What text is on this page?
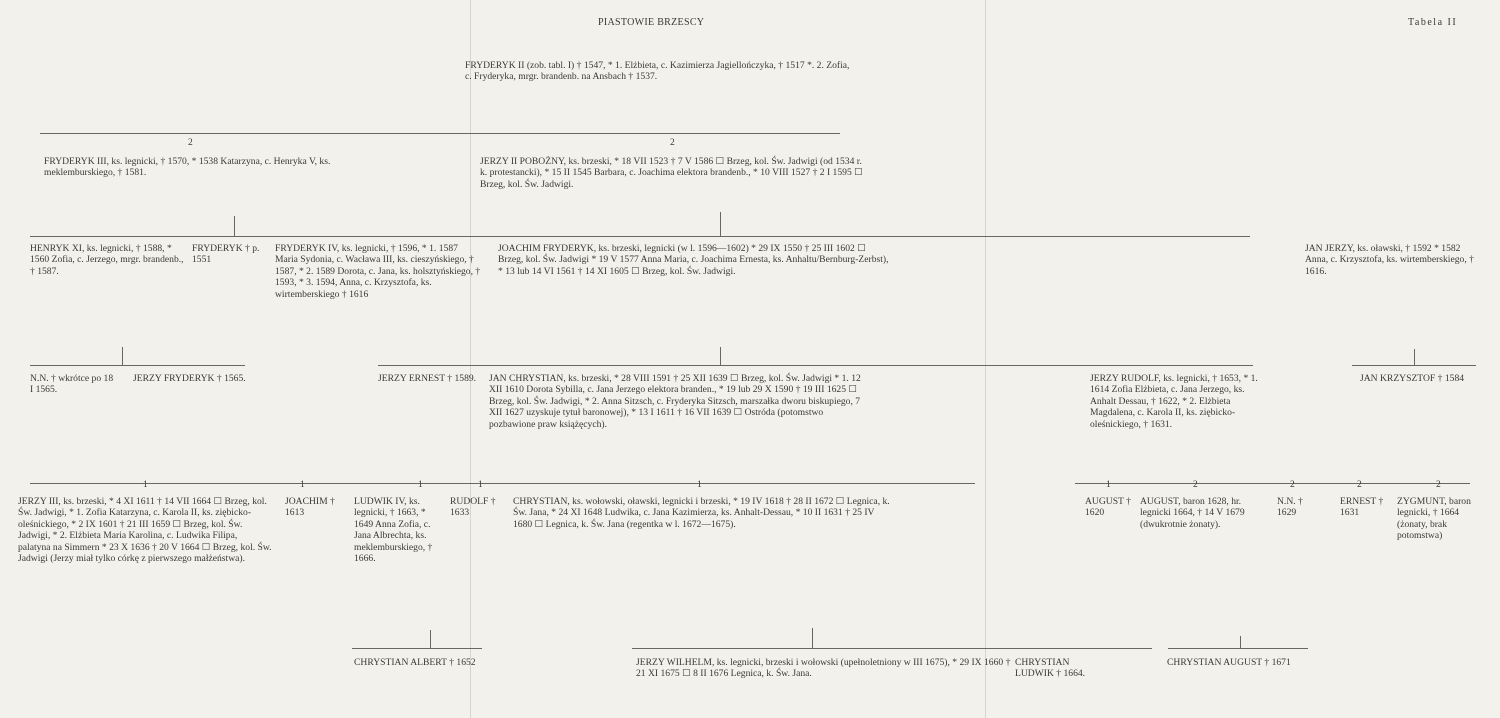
PIASTOWIE BRZESCY	Tabela II

FRYDERYK II (zob. tabl. I) † 1547, * 1. Elżbieta, c. Kazimierza Jagiellończyka, † 1517 *. 2. Zofia, c. Fryderyka, mrgr. brandenb. na Ansbach † 1537.

2	2

FRYDERYK III, ks. legnicki, † 1570, * 1538 Katarzyna, c. Henryka V, ks. meklemburskiego, † 1581.

JERZY II POBOŻNY, ks. brzeski, * 18 VII 1523 † 7 V 1586 ☐ Brzeg, kol. Św. Jadwigi (od 1534 r. k. protestancki), * 15 II 1545 Barbara, c. Joachima elektora brandenb., * 10 VIII 1527 † 2 I 1595 ☐ Brzeg, kol. Św. Jadwigi.

HENRYK XI, ks. legnicki, † 1588, * 1560 Zofia, c. Jerzego, mrgr. brandenb., † 1587.

FRYDERYK † p. 1551

FRYDERYK IV, ks. legnicki, † 1596, * 1. 1587 Maria Sydonia, c. Wacława III, ks. cieszyńskiego, † 1587, * 2. 1589 Dorota, c. Jana, ks. holsztyńskiego, † 1593, * 3. 1594, Anna, c. Krzysztofa, ks. wirtemberskiego † 1616

JOACHIM FRYDERYK, ks. brzeski, legnicki (w l. 1596—1602) * 29 IX 1550 † 25 III 1602 ☐ Brzeg, kol. Św. Jadwigi * 19 V 1577 Anna Maria, c. Joachima Ernesta, ks. Anhaltu/Bernburg-Zerbst), * 13 lub 14 VI 1561 † 14 XI 1605 ☐ Brzeg, kol. Św. Jadwigi.

JAN JERZY, ks. oławski, † 1592 * 1582 Anna, c. Krzysztofa, ks. wirtemberskiego, † 1616.

N.N. † wkrótce po 18 I 1565.

JERZY FRYDERYK † 1565.	JERZY ERNEST † 1589. JAN CHRYSTIAN, ks. brzeski, * 28 VIII 1591 † 25 XII 1639 ☐ Brzeg, kol. Św. Jadwigi * 1. 12 XII 1610 Dorota Sybilla, c. Jana Jerzego elektora branden., * 19 lub 29 X 1590 † 19 III 1625 ☐ Brzeg, kol. Św. Jadwigi, * 2. Anna Sitzsch, c. Fryderyka Sitzsch, marszałka dworu biskupiego, 7 XII 1627 uzyskuje tytuł baronowej), * 13 I 1611 † 16 VII 1639 ☐ Ostróda (potomstwo pozbawione praw książęcych).

JERZY RUDOLF, ks. legnicki, † 1653, * 1. 1614 Zofia Elżbieta, c. Jana Jerzego, ks. Anhalt Dessau, † 1622, * 2. Elżbieta Magdalena, c. Karola II, ks. ziębicko-oleśnickiego, † 1631.

JAN KRZYSZTOF † 1584

1	1	1	1	1	1	2	2	2	2

JERZY III, ks. brzeski, * 4 XI 1611 † 14 VII 1664 ☐ Brzeg, kol. Św. Jadwigi, * 1. Zofia Katarzyna, c. Karola II, ks. ziębicko-oleśnickiego, * 2 IX 1601 † 21 III 1659 ☐ Brzeg, kol. Św. Jadwigi, * 2. Elżbieta Maria Karolina, c. Ludwika Filipa, palatyna na Simmern * 23 X 1636 † 20 V 1664 ☐ Brzeg, kol. Św. Jadwigi (Jerzy miał tylko córkę z pierwszego małżeństwa).

JOACHIM † 1613

LUDWIK IV, ks. legnicki, † 1663, * 1649 Anna Zofia, c. Jana Albrechta, ks. meklemburskiego, † 1666.

RUDOLF † 1633

CHRYSTIAN, ks. wołowski, oławski, legnicki i brzeski, * 19 IV 1618 † 28 II 1672 ☐ Legnica, k. Św. Jana, * 24 XI 1648 Ludwika, c. Jana Kazimierza, ks. Anhalt-Dessau, * 10 II 1631 † 25 IV 1680 ☐ Legnica, k. Św. Jana (regentka w l. 1672—1675).

AUGUST † 1620

AUGUST, baron 1628, hr. legnicki 1664, † 14 V 1679 (dwukrotnie żonaty).

N.N. † 1629

ERNEST † 1631

ZYGMUNT, baron legnicki, † 1664 (żonaty, brak potomstwa)

CHRYSTIAN ALBERT † 1652	JERZY WILHELM, ks. legnicki, brzeski i wołowski (upełnoletniony w III 1675), * 29 IX 1660 † 21 XI 1675 ☐ 8 II 1676 Legnica, k. Św. Jana.

CHRYSTIAN LUDWIK † 1664.

CHRYSTIAN AUGUST † 1671
